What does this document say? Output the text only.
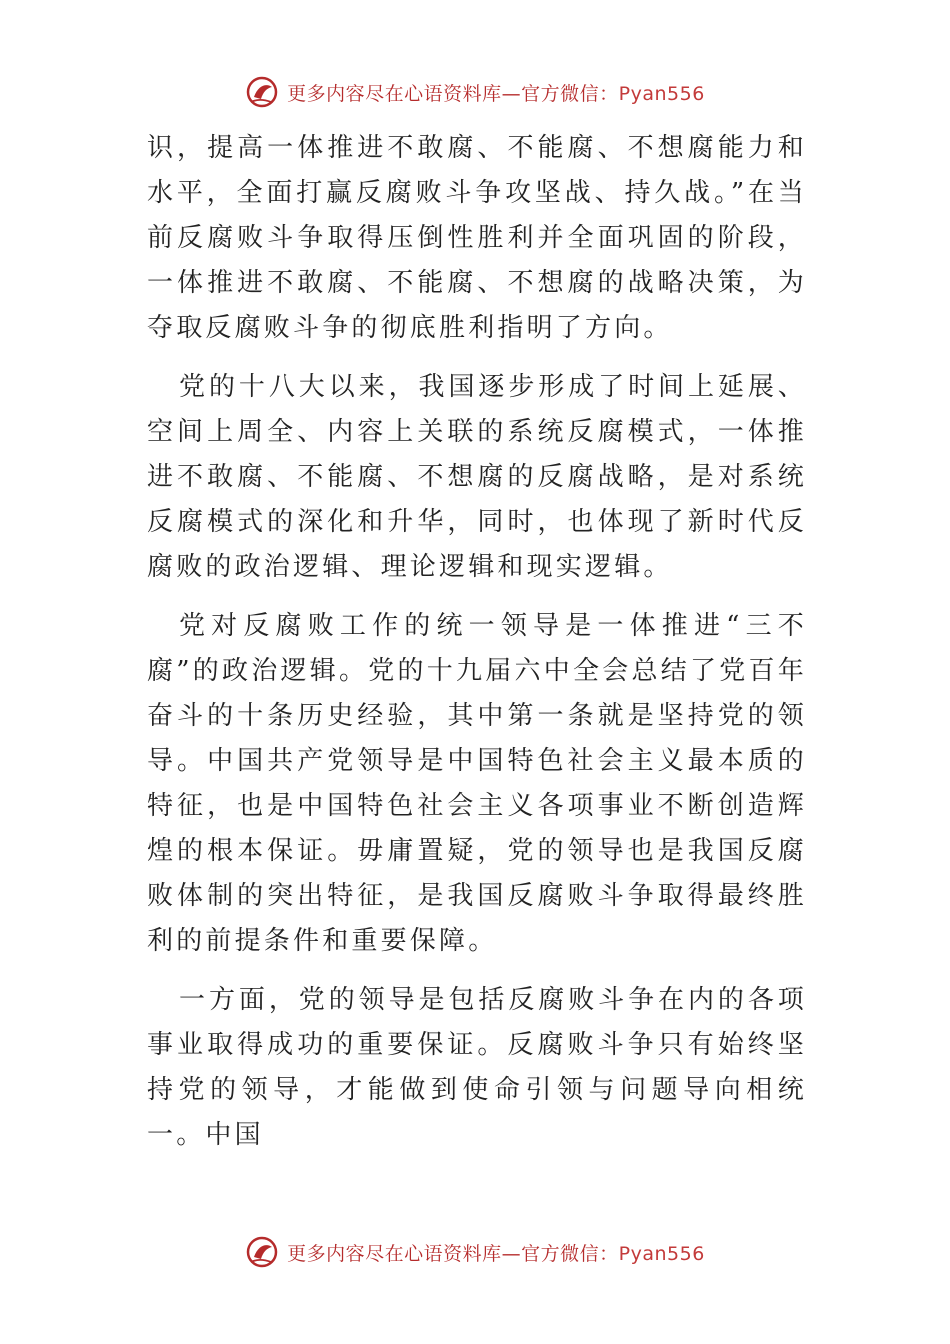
更多内容尽在心语资料库—官方微信：Pyan556

识，提高一体推进不敢腐、不能腐、不想腐能力和水平，全面打赢反腐败斗争攻坚战、持久战。”在当前反腐败斗争取得压倒性胜利并全面巩固的阶段，一体推进不敢腐、不能腐、不想腐的战略决策，为夺取反腐败斗争的彻底胜利指明了方向。

党的十八大以来，我国逐步形成了时间上延展、空间上周全、内容上关联的系统反腐模式，一体推进不敢腐、不能腐、不想腐的反腐战略，是对系统反腐模式的深化和升华，同时，也体现了新时代反腐败的政治逻辑、理论逻辑和现实逻辑。

党对反腐败工作的统一领导是一体推进“三不腐”的政治逻辑。党的十九届六中全会总结了党百年奋斗的十条历史经验，其中第一条就是坚持党的领导。中国共产党领导是中国特色社会主义最本质的特征，也是中国特色社会主义各项事业不断创造辉煌的根本保证。毋庸置疑，党的领导也是我国反腐败体制的突出特征，是我国反腐败斗争取得最终胜利的前提条件和重要保障。

一方面，党的领导是包括反腐败斗争在内的各项事业取得成功的重要保证。反腐败斗争只有始终坚持党的领导，才能做到使命引领与问题导向相统一。中国

更多内容尽在心语资料库—官方微信：Pyan556
